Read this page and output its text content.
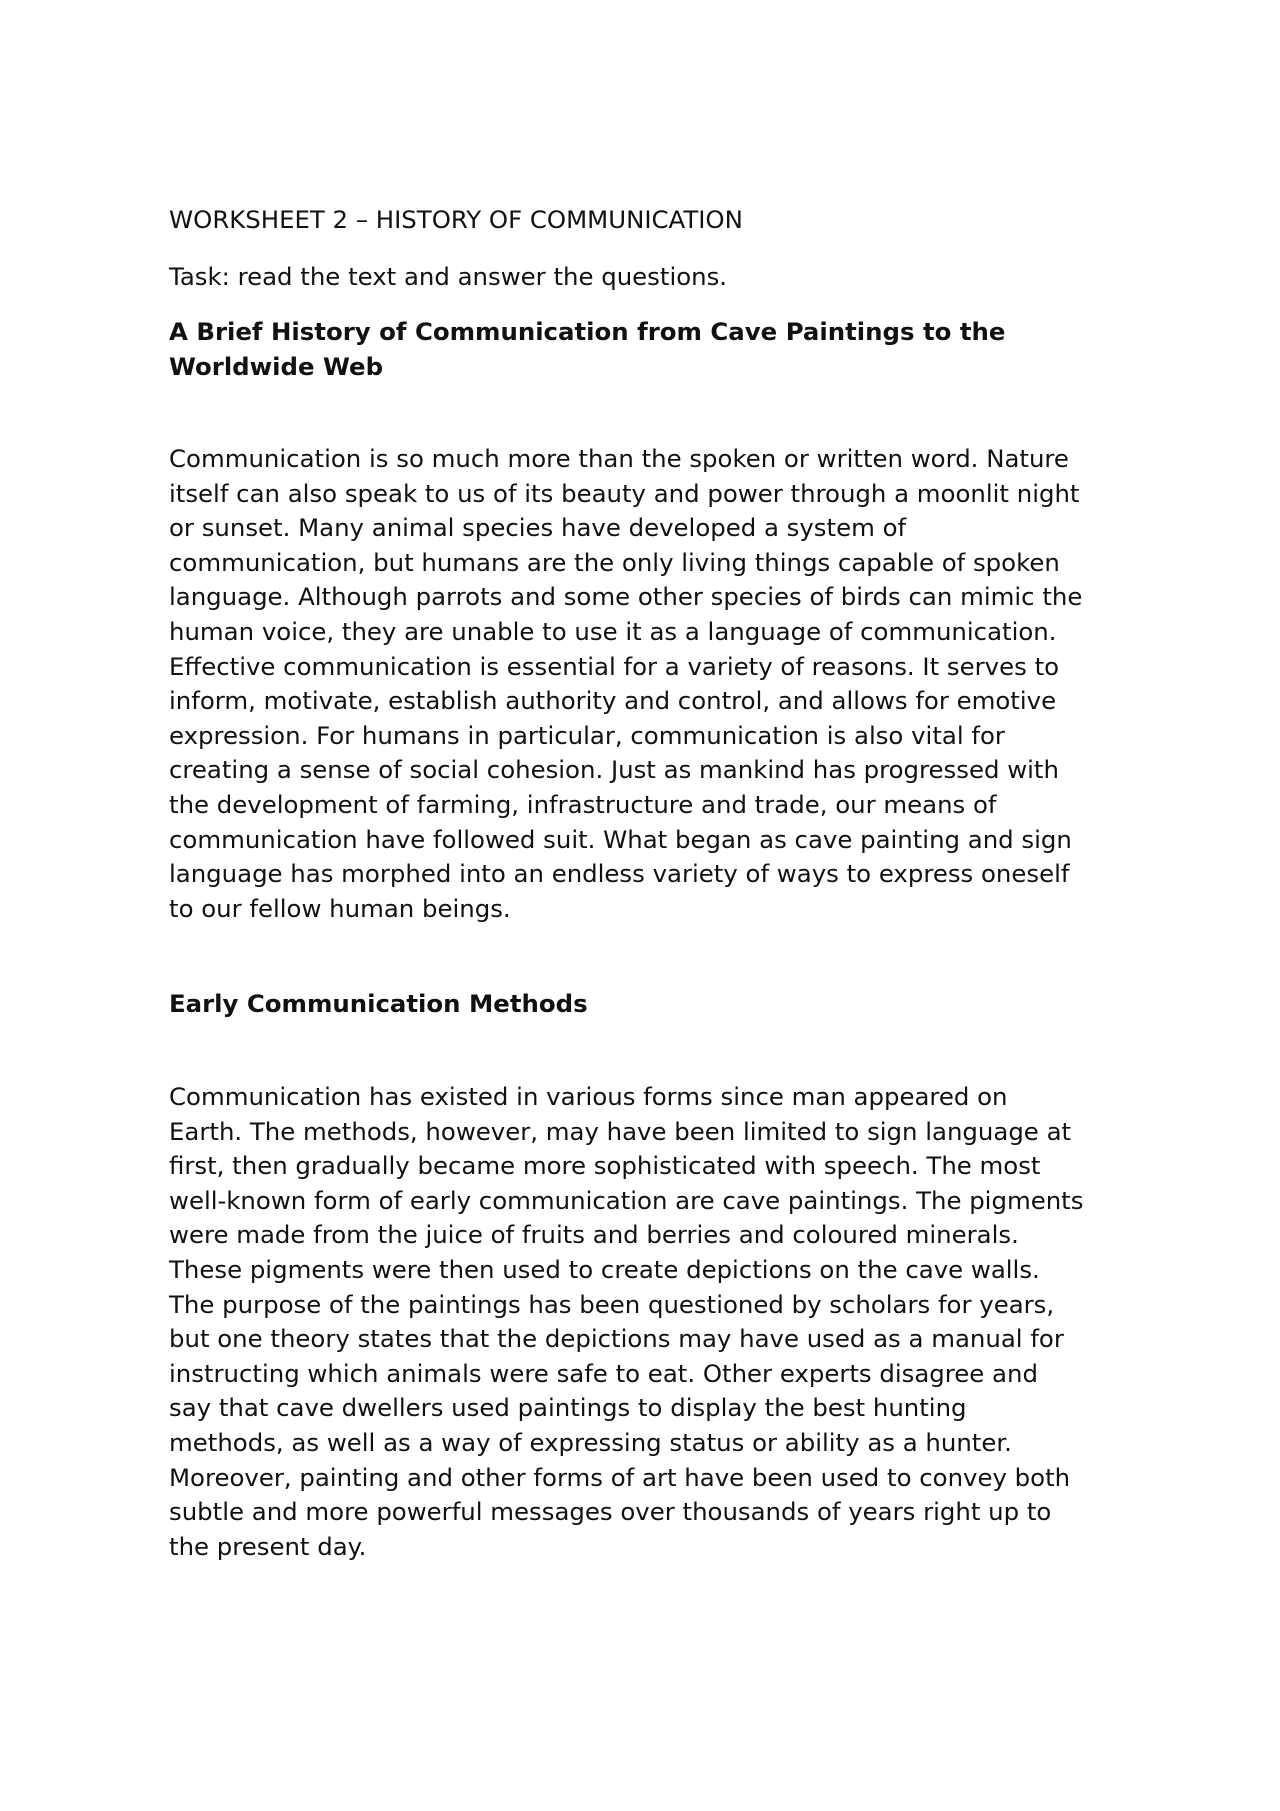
WORKSHEET 2 – HISTORY OF COMMUNICATION
Task: read the text and answer the questions.
A Brief History of Communication from Cave Paintings to the
Worldwide Web

Communication is so much more than the spoken or written word. Nature
itself can also speak to us of its beauty and power through a moonlit night
or sunset. Many animal species have developed a system of
communication, but humans are the only living things capable of spoken
language. Although parrots and some other species of birds can mimic the
human voice, they are unable to use it as a language of communication.
Effective communication is essential for a variety of reasons. It serves to
inform, motivate, establish authority and control, and allows for emotive
expression. For humans in particular, communication is also vital for
creating a sense of social cohesion. Just as mankind has progressed with
the development of farming, infrastructure and trade, our means of
communication have followed suit. What began as cave painting and sign
language has morphed into an endless variety of ways to express oneself
to our fellow human beings.

Early Communication Methods

Communication has existed in various forms since man appeared on
Earth. The methods, however, may have been limited to sign language at
first, then gradually became more sophisticated with speech. The most
well-known form of early communication are cave paintings. The pigments
were made from the juice of fruits and berries and coloured minerals.
These pigments were then used to create depictions on the cave walls.
The purpose of the paintings has been questioned by scholars for years,
but one theory states that the depictions may have used as a manual for
instructing which animals were safe to eat. Other experts disagree and
say that cave dwellers used paintings to display the best hunting
methods, as well as a way of expressing status or ability as a hunter.
Moreover, painting and other forms of art have been used to convey both
subtle and more powerful messages over thousands of years right up to
the present day.
